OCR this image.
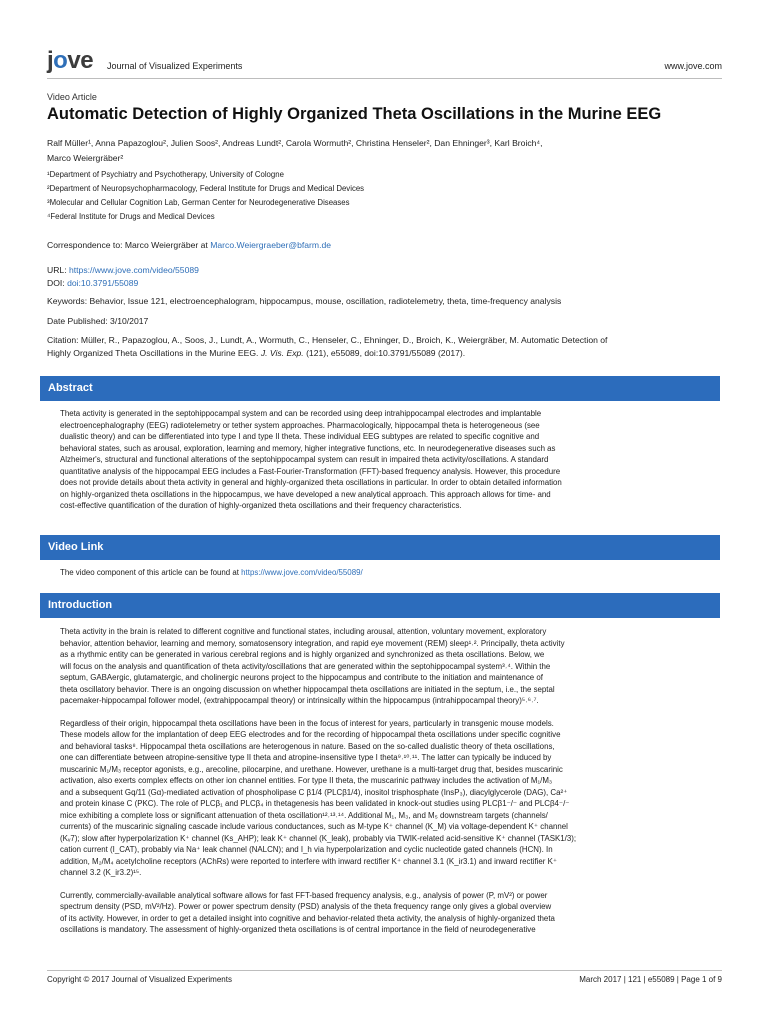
jove Journal of Visualized Experiments	www.jove.com
Video Article
Automatic Detection of Highly Organized Theta Oscillations in the Murine EEG
Ralf Müller¹, Anna Papazoglou², Julien Soos², Andreas Lundt², Carola Wormuth², Christina Henseler², Dan Ehninger³, Karl Broich⁴,
Marco Weiergräber²
¹Department of Psychiatry and Psychotherapy, University of Cologne
²Department of Neuropsychopharmacology, Federal Institute for Drugs and Medical Devices
³Molecular and Cellular Cognition Lab, German Center for Neurodegenerative Diseases
⁴Federal Institute for Drugs and Medical Devices
Correspondence to: Marco Weiergräber at Marco.Weiergraeber@bfarm.de
URL: https://www.jove.com/video/55089
DOI: doi:10.3791/55089
Keywords: Behavior, Issue 121, electroencephalogram, hippocampus, mouse, oscillation, radiotelemetry, theta, time-frequency analysis
Date Published: 3/10/2017
Citation: Müller, R., Papazoglou, A., Soos, J., Lundt, A., Wormuth, C., Henseler, C., Ehninger, D., Broich, K., Weiergräber, M. Automatic Detection of
Highly Organized Theta Oscillations in the Murine EEG. J. Vis. Exp. (121), e55089, doi:10.3791/55089 (2017).
Abstract

Theta activity is generated in the septohippocampal system and can be recorded using deep intrahippocampal electrodes and implantable

electroencephalography (EEG) radiotelemetry or tether system approaches. Pharmacologically, hippocampal theta is heterogeneous (see

dualistic theory) and can be differentiated into type I and type II theta. These individual EEG subtypes are related to specific cognitive and

behavioral states, such as arousal, exploration, learning and memory, higher integrative functions, etc. In neurodegenerative diseases such as

Alzheimer's, structural and functional alterations of the septohippocampal system can result in impaired theta activity/oscillations. A standard

quantitative analysis of the hippocampal EEG includes a Fast-Fourier-Transformation (FFT)-based frequency analysis. However, this procedure

does not provide details about theta activity in general and highly-organized theta oscillations in particular. In order to obtain detailed information

on highly-organized theta oscillations in the hippocampus, we have developed a new analytical approach. This approach allows for time- and

cost-effective quantification of the duration of highly-organized theta oscillations and their frequency characteristics.

Video Link
The video component of this article can be found at https://www.jove.com/video/55089/
Introduction

Theta activity in the brain is related to different cognitive and functional states, including arousal, attention, voluntary movement, exploratory

behavior, attention behavior, learning and memory, somatosensory integration, and rapid eye movement (REM) sleep¹˒². Principally, theta activity

as a rhythmic entity can be generated in various cerebral regions and is highly organized and synchronized as theta oscillations. Below, we

will focus on the analysis and quantification of theta activity/oscillations that are generated within the septohippocampal system³˒⁴. Within the

septum, GABAergic, glutamatergic, and cholinergic neurons project to the hippocampus and contribute to the initiation and maintenance of

theta oscillatory behavior. There is an ongoing discussion on whether hippocampal theta oscillations are initiated in the septum, i.e., the septal

pacemaker-hippocampal follower model, (extrahippocampal theory) or intrinsically within the hippocampus (intrahippocampal theory)⁵˒⁶˒⁷.

Regardless of their origin, hippocampal theta oscillations have been in the focus of interest for years, particularly in transgenic mouse models.

These models allow for the implantation of deep EEG electrodes and for the recording of hippocampal theta oscillations under specific cognitive

and behavioral tasks⁸. Hippocampal theta oscillations are heterogenous in nature. Based on the so-called dualistic theory of theta oscillations,

one can differentiate between atropine-sensitive type II theta and atropine-insensitive type I theta⁹˒¹⁰˒¹¹. The latter can typically be induced by

muscarinic M₁/M₃ receptor agonists, e.g., arecoline, pilocarpine, and urethane. However, urethane is a multi-target drug that, besides muscarinic

activation, also exerts complex effects on other ion channel entities. For type II theta, the muscarinic pathway includes the activation of M₁/M₃

and a subsequent Gq/11 (Gα)-mediated activation of phospholipase C β1/4 (PLCβ1/4), inositol trisphosphate (InsP₃), diacylglycerole (DAG), Ca²⁺

and protein kinase C (PKC). The role of PLCβ₁ and PLCβ₄ in thetagenesis has been validated in knock-out studies using PLCβ1⁻/⁻ and PLCβ4⁻/⁻

mice exhibiting a complete loss or significant attenuation of theta oscillation¹²˒¹³˒¹⁴. Additional M₁, M₃, and M₅ downstream targets (channels/

currents) of the muscarinic signaling cascade include various conductances, such as M-type K⁺ channel (K_M) via voltage-dependent K⁺ channel

(Kᵥ7); slow after hyperpolarization K⁺ channel (Ks_AHP); leak K⁺ channel (K_leak), probably via TWIK-related acid-sensitive K⁺ channel (TASK1/3);

cation current (I_CAT), probably via Na⁺ leak channel (NALCN); and I_h via hyperpolarization and cyclic nucleotide gated channels (HCN). In

addition, M₂/M₄ acetylcholine receptors (AChRs) were reported to interfere with inward rectifier K⁺ channel 3.1 (K_ir3.1) and inward rectifier K⁺

channel 3.2 (K_ir3.2)¹⁵.

Currently, commercially-available analytical software allows for fast FFT-based frequency analysis, e.g., analysis of power (P, mV²) or power

spectrum density (PSD, mV²/Hz). Power or power spectrum density (PSD) analysis of the theta frequency range only gives a global overview

of its activity. However, in order to get a detailed insight into cognitive and behavior-related theta activity, the analysis of highly-organized theta

oscillations is mandatory. The assessment of highly-organized theta oscillations is of central importance in the field of neurodegenerative

Copyright © 2017 Journal of Visualized Experiments	March 2017 | 121 | e55089 | Page 1 of 9
